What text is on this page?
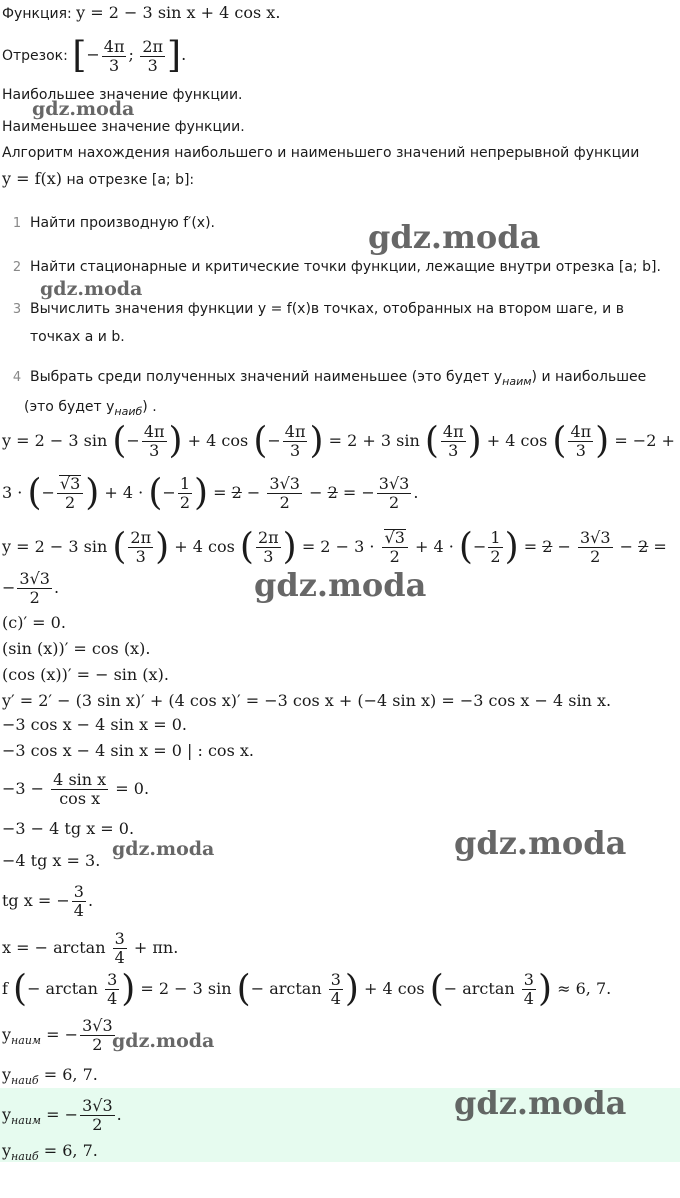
Функция: y = 2 − 3 sin x + 4 cos x.
Отрезок: [− $\frac{4\pi}{3}$ ; $\frac{2\pi}{3}$ ].
Наибольшее значение функции.
Наименьшее значение функции.
Алгоритм нахождения наибольшего и наименьшего значений непрерывной функции
y = f(x) на отрезке [a; b]:
1 Найти производную f′(x).
2 Найти стационарные и критические точки функции, лежащие внутри отрезка [a; b].
3 Вычислить значения функции y = f(x)в точках, отобранных на втором шаге, и в
точках a и b.
4 Выбрать среди полученных значений наименьшее (это будет $y_{наим}$) и наибольшее
(это будет $y_{наиб}$) .
y = 2 − 3 sin (− $\frac{4\pi}{3}$ ) + 4 cos (− $\frac{4\pi}{3}$ ) = 2 + 3 sin ( $\frac{4\pi}{3}$ ) + 4 cos ( $\frac{4\pi}{3}$ ) = −2 +
3 · (− $\frac{√3}{2}$ ) + 4 · (− $\frac{1}{2}$ ) = $2 - \frac{3√3}{2} - 2$ = − $\frac{3√3}{2}$ .
y = 2 − 3 sin ( $\frac{2\pi}{3}$ ) + 4 cos ( $\frac{2\pi}{3}$ ) = $2 - 3 \cdot \frac{√3}{2} + 4$ · (− $\frac{1}{2}$ ) = $2 - \frac{3√3}{2} - 2$ =
− $\frac{3√3}{2}$ .
(c)′ = 0.
(sin (x))′ = cos (x).
(cos (x))′ = − sin (x).
y′ = 2′ − (3 sin x)′ + (4 cos x)′ = −3 cos x + (−4 sin x) = −3 cos x − 4 sin x.
−3 cos x − 4 sin x = 0.
−3 cos x − 4 sin x = 0 | : cos x.
$-3 - \frac{\text{4 sin x}}{\text{cos x}} = 0$.
−3 − 4 tg x = 0.
−4 tg x = 3.
tg x = − $\frac{3}{4}$ .
x = − $\arctan \frac{3}{4} + \pi n$.
f (− $\arctan \frac{3}{4}$ ) = 2 − 3 sin (− $\arctan \frac{3}{4}$ ) + 4 cos (− $\arctan \frac{3}{4}$ ) ≈ 6, 7.
$y_{наим}$ = − $\frac{3√3}{2}$
$y_{наиб} = 6$, 7.
$y_{наим}$ = − $\frac{3√3}{2}$ .
$y_{наиб} = 6$, 7.
gdz.moda
gdz.moda
gdz.moda
gdz.moda
gdz.moda
gdz.moda
gdz.moda
gdz.moda
